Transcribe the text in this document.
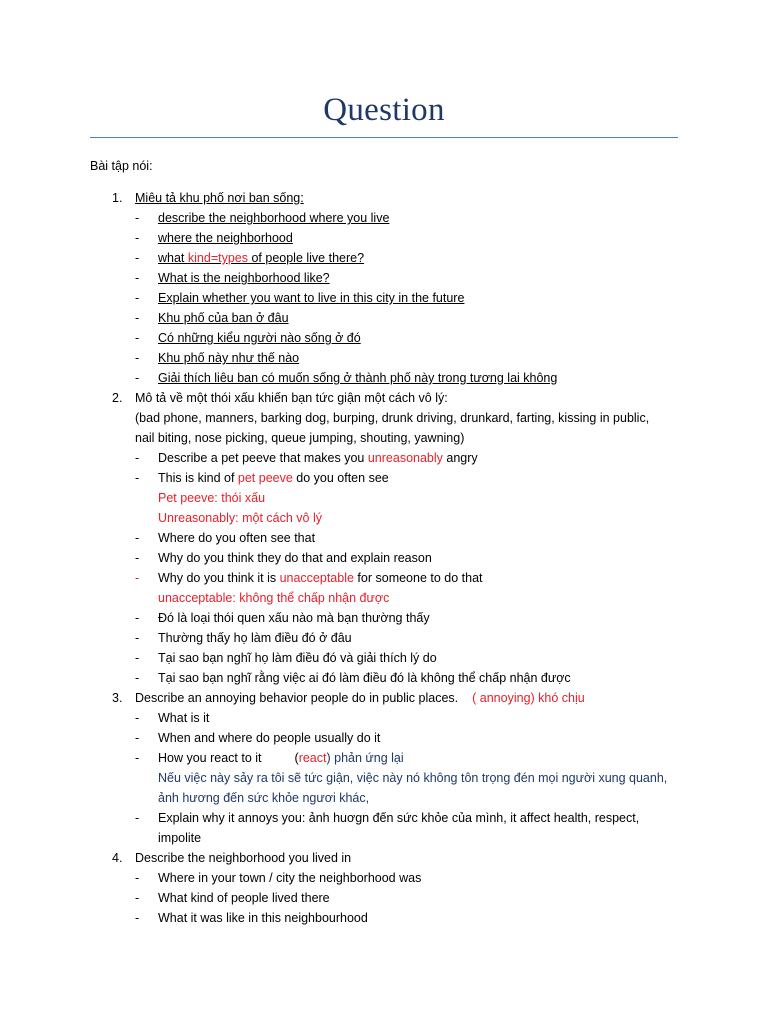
Question
Bài tập nói:
1.	Miêu tả khu phố nơi ban sống:
-	describe the neighborhood where you live
-	where the neighborhood
-	what kind=types of people live there?
-	What is the neighborhood like?
-	Explain whether you want to live in this city in the future
-	Khu phố của ban ở đâu
-	Có những kiểu người nào sống ở đó
-	Khu phố này như thế nào
-	Giải thích liêu ban có muốn sống ở thành phố này trong tương lai không
2.	Mô tả về một thói xấu khiến bạn tức giận một cách vô lý:
(bad phone, manners, barking dog, burping, drunk driving, drunkard, farting, kissing in public,
nail biting, nose picking, queue jumping, shouting, yawning)
-	Describe a pet peeve that makes you unreasonably angry
-	This is kind of pet peeve do you often see
Pet peeve: thói xấu
Unreasonably: một cách vô lý
-	Where do you often see that
-	Why do you think they do that and explain reason
-	Why do you think it is unacceptable for someone to do that
unacceptable: không thể chấp nhận được
-	Đó là loại thói quen xấu nào mà bạn thường thấy
-	Thường thấy họ làm điều đó ở đâu
-	Tại sao bạn nghĩ họ làm điều đó và giải thích lý do
-	Tại sao bạn nghĩ rằng việc ai đó làm điều đó là không thể chấp nhận được
3.	Describe an annoying behavior people do in public places. ( annoying) khó chịu
-	What is it
-	When and where do people usually do it
-	How you react to it	(react) phản ứng lại
Nếu việc này sảy ra tôi sẽ tức giận, việc này nó không tôn trọng đén mọi người xung quanh,
ảnh hương đến sức khỏe ngươi khác,
-	Explain why it annoys you: ảnh huơgn đến sức khỏe của mình, it affect health, respect,
impolite
4.	Describe the neighborhood you lived in
-	Where in your town / city the neighborhood was
-	What kind of people lived there
-	What it was like in this neighbourhood
